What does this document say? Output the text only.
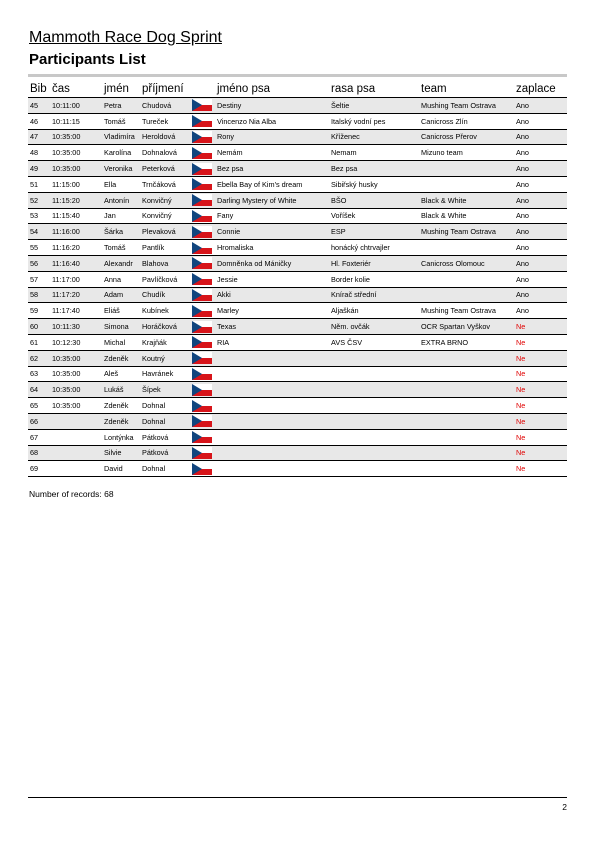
Mammoth Race Dog Sprint
Participants List
Bib	čas	jmén	příjmení		jméno psa	rasa psa	team	zaplace
45	10:11:00	Petra	Chudová		Destiny	Šeltie	Mushing Team Ostrava	Ano
46	10:11:15	Tomáš	Tureček		Vincenzo Nia Alba	Italský vodní pes	Canicross Zlín	Ano
47	10:35:00	Vladimíra	Heroldová		Rony	Kříženec	Canicross Přerov	Ano
48	10:35:00	Karolína	Dohnalová		Nemám	Nemam	Mizuno team	Ano
49	10:35:00	Veronika	Peterková		Bez psa	Bez psa		Ano
51	11:15:00	Ella	Trnčáková		Ebella Bay of Kim's dream	Sibiřský husky		Ano
52	11:15:20	Antonín	Konvičný		Darling Mystery of White	BŠO	Black & White	Ano
53	11:15:40	Jan	Konvičný		Fany	Voříšek	Black & White	Ano
54	11:16:00	Šárka	Plevaková		Connie	ESP	Mushing Team Ostrava	Ano
55	11:16:20	Tomáš	Pantlík		Hromaliska	honácký chtrvajler		Ano
56	11:16:40	Alexandr	Blahova		Domněnka od Máničky	Hl. Foxteriér	Canicross Olomouc	Ano
57	11:17:00	Anna	Pavlíčková		Jessie	Border kolie		Ano
58	11:17:20	Adam	Chudík		Akki	Knírač střední		Ano
59	11:17:40	Eliáš	Kubínek		Marley	Aljaškán	Mushing Team Ostrava	Ano
60	10:11:30	Simona	Horáčková		Texas	Něm. ovčák	OCR Spartan Vyškov	Ne
61	10:12:30	Michal	Krajňák		RIA	AVS ČSV	EXTRA BRNO	Ne
62	10:35:00	Zdeněk	Koutný					Ne
63	10:35:00	Aleš	Havránek					Ne
64	10:35:00	Lukáš	Šípek					Ne
65	10:35:00	Zdeněk	Dohnal					Ne
66		Zdeněk	Dohnal					Ne
67		Lontýnka	Pátková					Ne
68		Silvie	Pátková					Ne
69		David	Dohnal					Ne
Number of records: 68
2
